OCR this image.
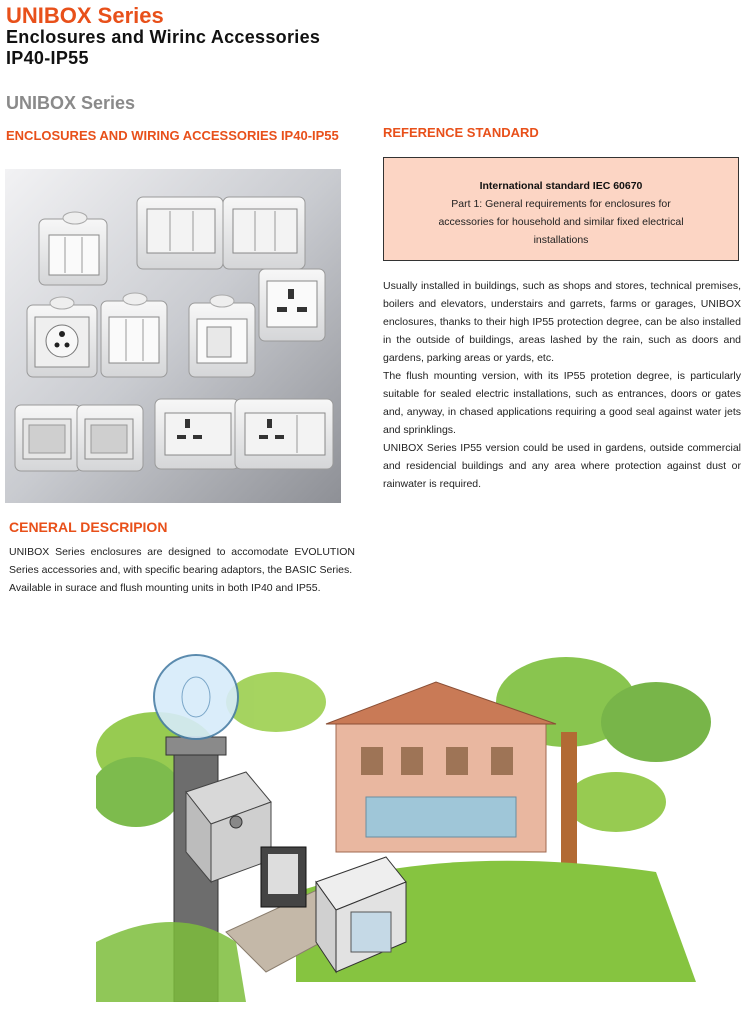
UNIBOX Series
Enclosures and Wirinc Accessories
IP40-IP55
UNIBOX Series
ENCLOSURES AND WIRING ACCESSORIES IP40-IP55	REFERENCE STANDARD
International standard IEC 60670
Part 1: General requirements for enclosures for accessories for household and similar fixed electrical installations

Usually installed in buildings, such as shops and stores, technical premises, boilers and elevators, understairs and garrets, farms or garages, UNIBOX enclosures, thanks to their high IP55 protection degree, can be also installed in the outside of buildings, areas lashed by the rain, such as doors and gardens, parking areas or yards, etc.

The flush mounting version, with its IP55 protetion degree, is particularly suitable for sealed electric installations, such as entrances, doors or gates and, anyway, in chased applications requiring a good seal against water jets and sprinklings.

UNIBOX Series IP55 version could be used in gardens, outside commercial and residencial buildings and any area where protection against dust or rainwater is required.

CENERAL DESCRIPION

UNIBOX Series enclosures are designed to accomodate EVOLUTION Series accessories and, with specific bearing adaptors, the BASIC Series.

Available in surace and flush mounting units in both IP40 and IP55.
